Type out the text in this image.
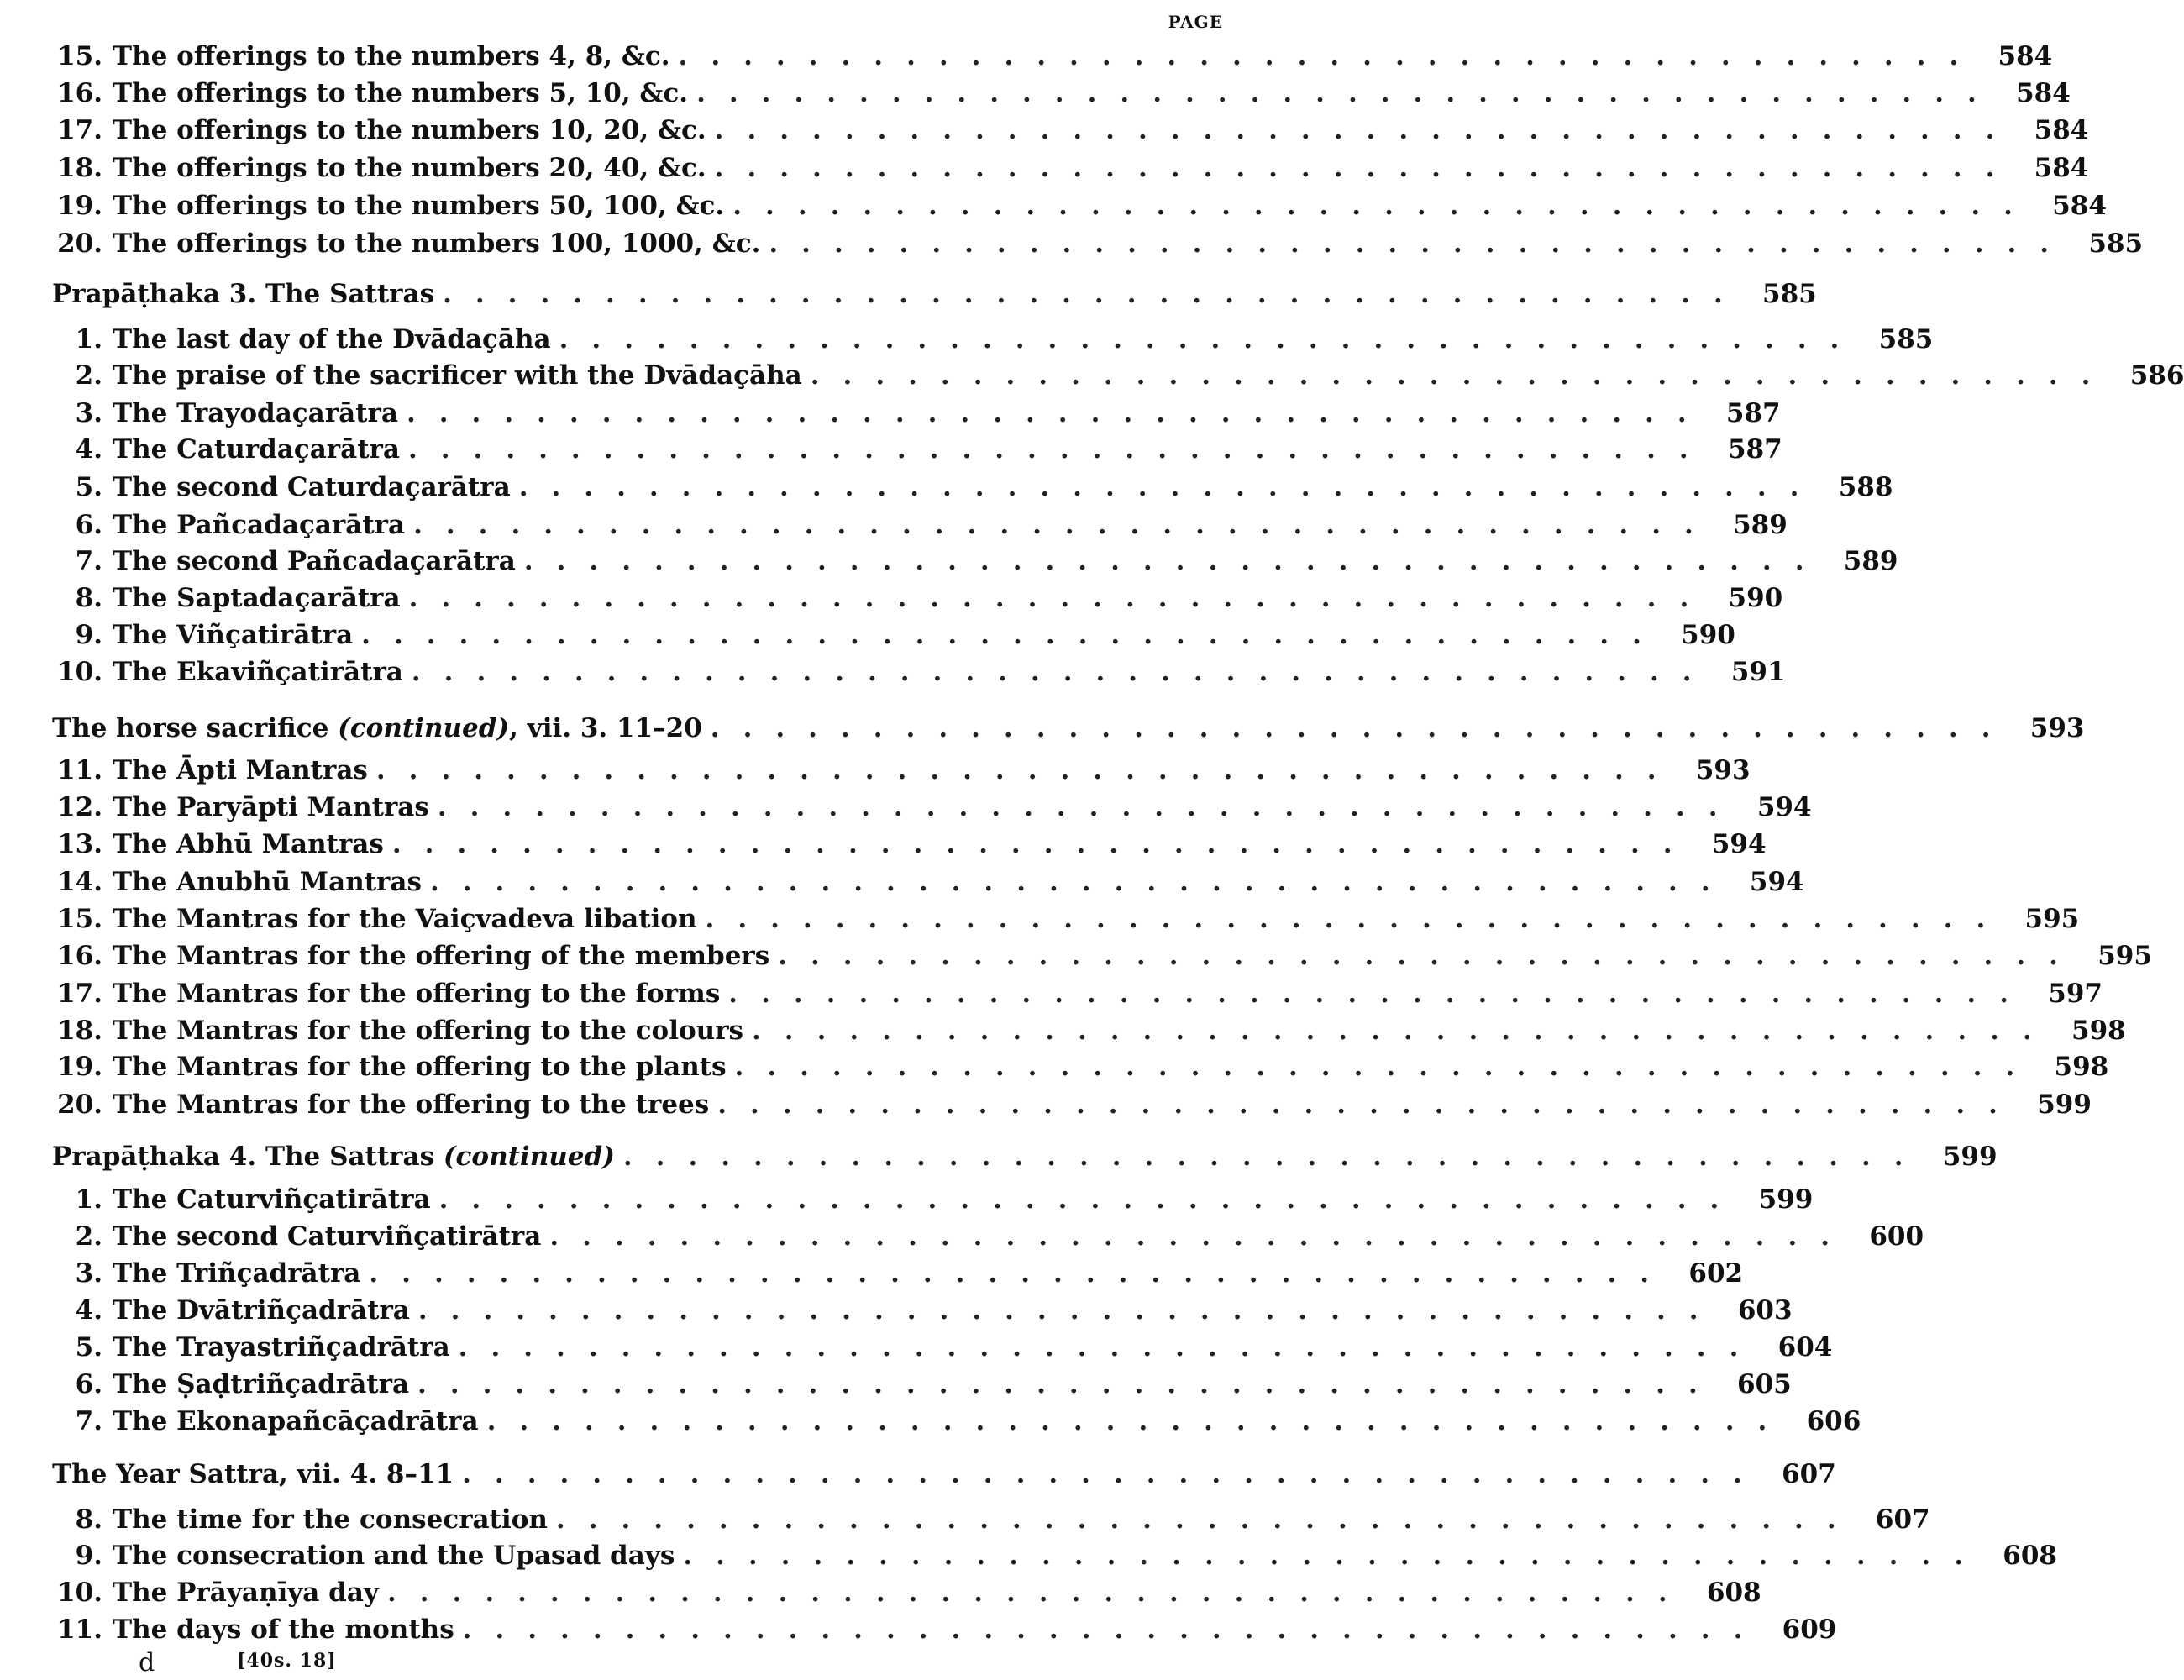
PAGE
15. The offerings to the numbers 4, 8, &c. ........................................ 584
16. The offerings to the numbers 5, 10, &c. ........................................ 584
17. The offerings to the numbers 10, 20, &c. ........................................ 584
18. The offerings to the numbers 20, 40, &c. ........................................ 584
19. The offerings to the numbers 50, 100, &c. ........................................ 584
20. The offerings to the numbers 100, 1000, &c. ........................................ 585
Prapāṭhaka 3. The Sattras ........................................ 585
1. The last day of the Dvādaçāha ........................................ 585
2. The praise of the sacrificer with the Dvādaçāha ........................................ 586
3. The Trayodaçarātra ........................................ 587
4. The Caturdaçarātra ........................................ 587
5. The second Caturdaçarātra ........................................ 588
6. The Pañcadaçarātra ........................................ 589
7. The second Pañcadaçarātra ........................................ 589
8. The Saptadaçarātra ........................................ 590
9. The Viñçatirātra ........................................ 590
10. The Ekaviñçatirātra ........................................ 591
The horse sacrifice (continued), vii. 3. 11–20 ........................................ 593
11. The Āpti Mantras ........................................ 593
12. The Paryāpti Mantras ........................................ 594
13. The Abhū Mantras ........................................ 594
14. The Anubhū Mantras ........................................ 594
15. The Mantras for the Vaiçvadeva libation ........................................ 595
16. The Mantras for the offering of the members ........................................ 595
17. The Mantras for the offering to the forms ........................................ 597
18. The Mantras for the offering to the colours ........................................ 598
19. The Mantras for the offering to the plants ........................................ 598
20. The Mantras for the offering to the trees ........................................ 599
Prapāṭhaka 4. The Sattras (continued) ........................................ 599
1. The Caturviñçatirātra ........................................ 599
2. The second Caturviñçatirātra ........................................ 600
3. The Triñçadrātra ........................................ 602
4. The Dvātriñçadrātra ........................................ 603
5. The Trayastriñçadrātra ........................................ 604
6. The Ṣaḍtriñçadrātra ........................................ 605
7. The Ekonapañcāçadrātra ........................................ 606
The Year Sattra, vii. 4. 8–11 ........................................ 607
8. The time for the consecration ........................................ 607
9. The consecration and the Upasad days ........................................ 608
10. The Prāyaṇīya day ........................................ 608
11. The days of the months ........................................ 609
d	[40s. 18]
